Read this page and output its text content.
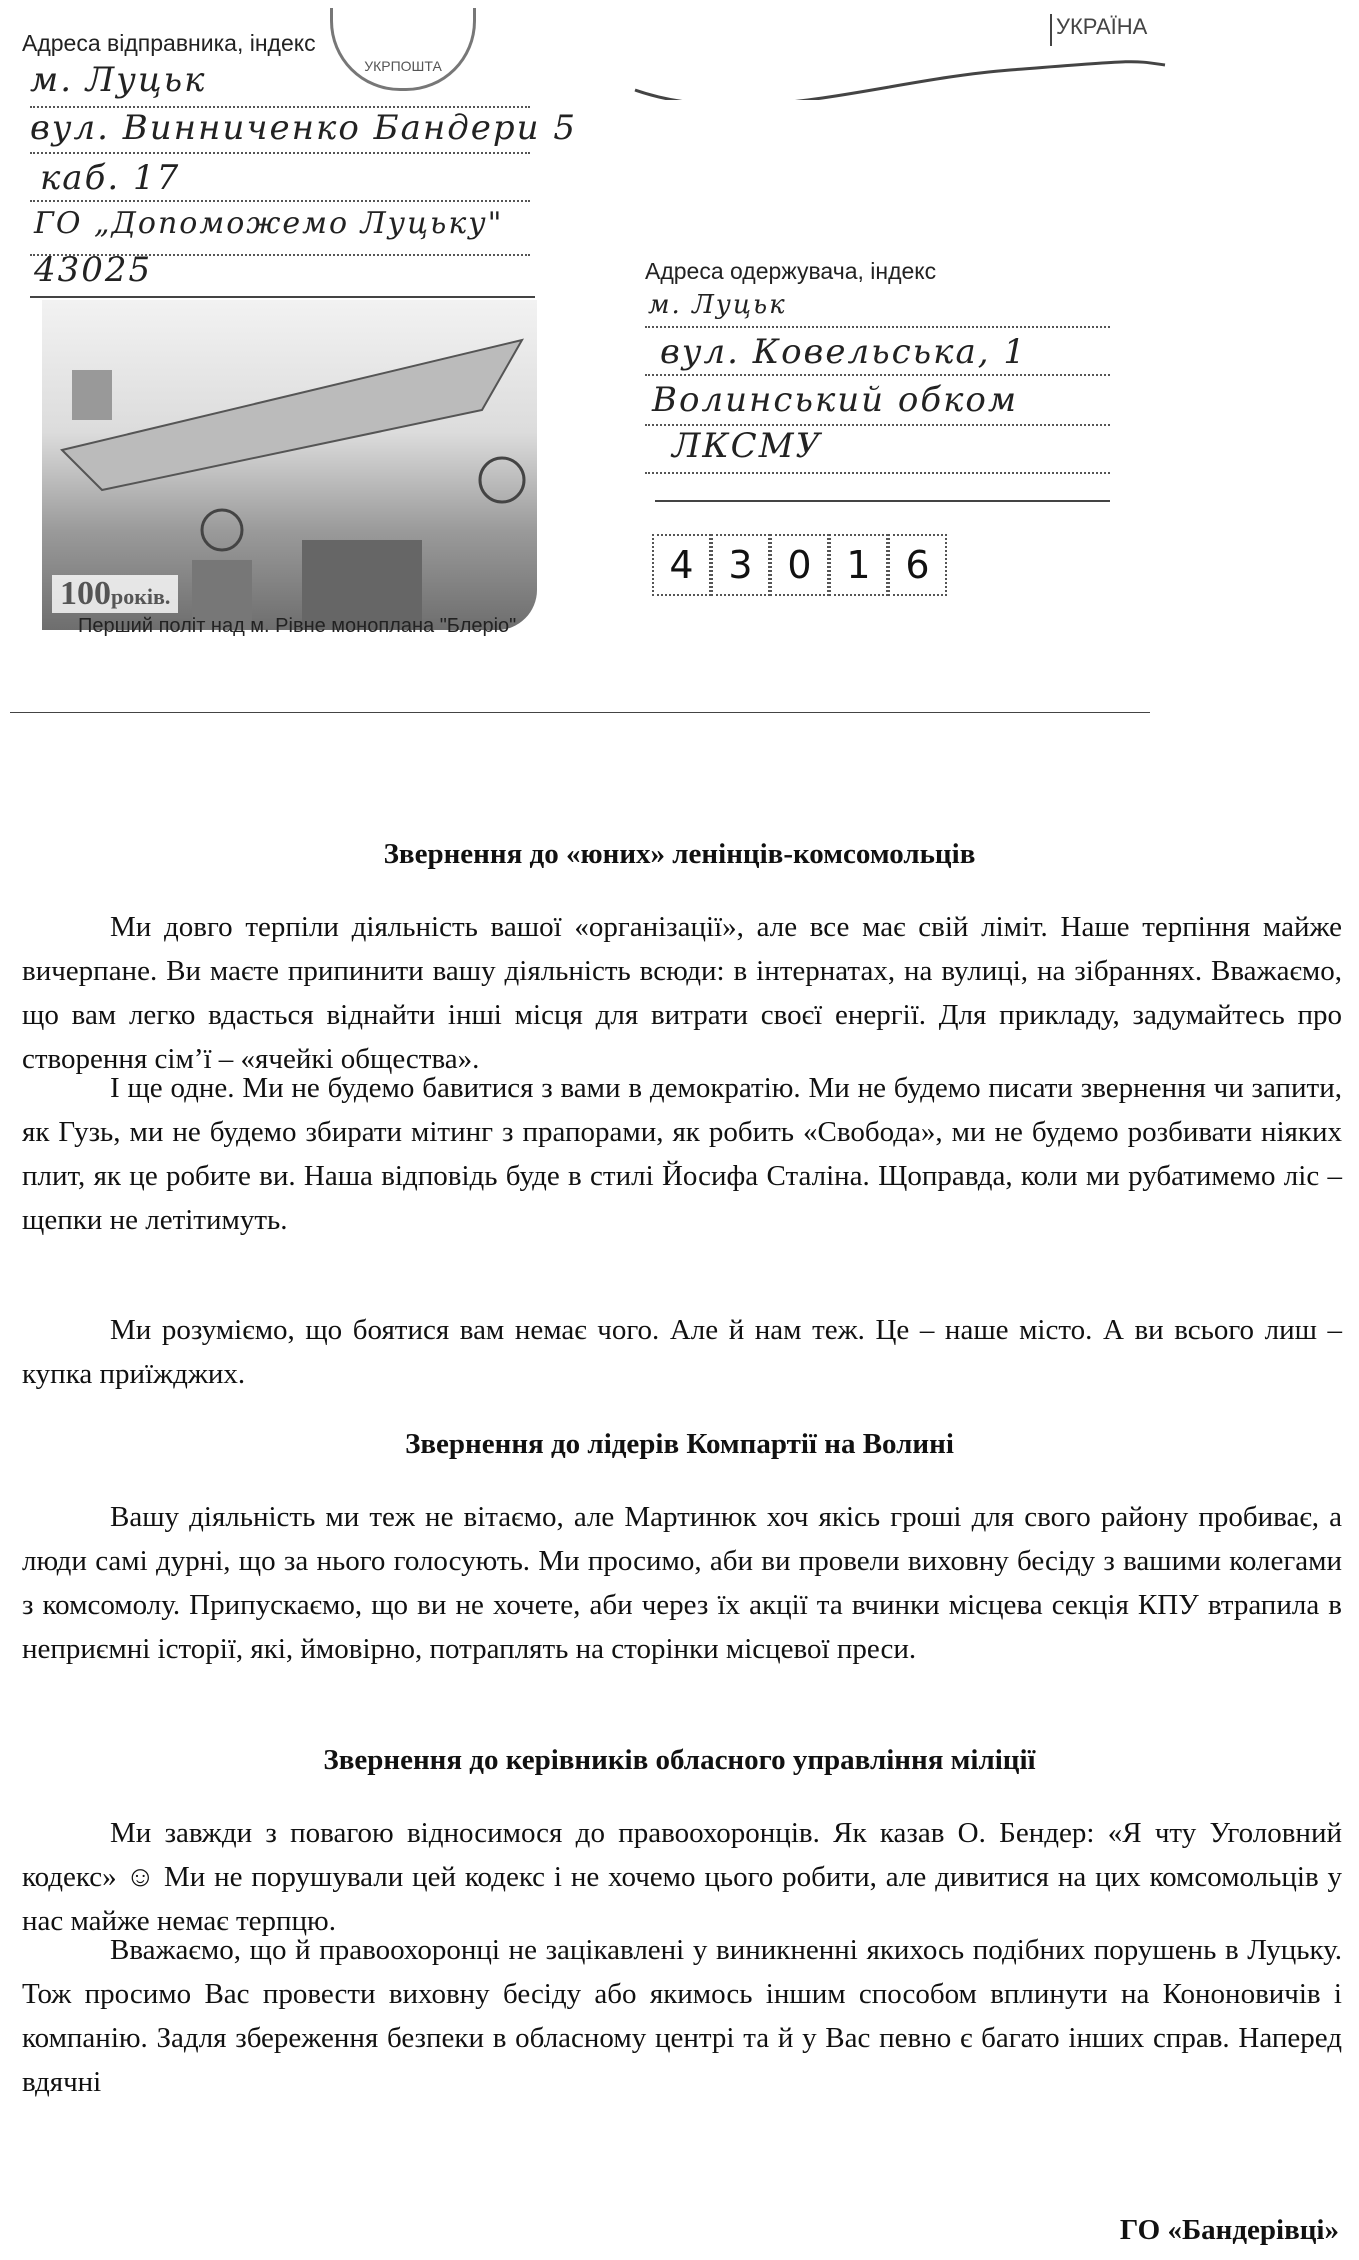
УКРПОШТА
УКРАЇНА
Адреса відправника, індекс
м. Луцьк
вул. Винниченко Бандери 5
каб. 17
ГО „Допоможемо Луцьку"
43025
100років.
Перший політ над м. Рівне моноплана "Блеріо"
Адреса одержувача, індекс
м. Луцьк
вул. Ковельська, 1
Волинський обком
ЛКСМУ
4 3 0 1 6
Звернення до «юних» ленінців-комсомольців

Ми довго терпіли діяльність вашої «організації», але все має свій ліміт. Наше терпіння майже вичерпане. Ви маєте припинити вашу діяльність всюди: в інтернатах, на вулиці, на зібраннях. Вважаємо, що вам легко вдасться віднайти інші місця для витрати своєї енергії. Для прикладу, задумайтесь про створення сім’ї – «ячейкі общества».

І ще одне. Ми не будемо бавитися з вами в демократію. Ми не будемо писати звернення чи запити, як Гузь, ми не будемо збирати мітинг з прапорами, як робить «Свобода», ми не будемо розбивати ніяких плит, як це робите ви. Наша відповідь буде в стилі Йосифа Сталіна. Щоправда, коли ми рубатимемо ліс – щепки не летітимуть.

Ми розуміємо, що боятися вам немає чого. Але й нам теж. Це – наше місто. А ви всього лиш – купка приїжджих.

Звернення до лідерів Компартії на Волині

Вашу діяльність ми теж не вітаємо, але Мартинюк хоч якісь гроші для свого району пробиває, а люди самі дурні, що за нього голосують. Ми просимо, аби ви провели виховну бесіду з вашими колегами з комсомолу. Припускаємо, що ви не хочете, аби через їх акції та вчинки місцева секція КПУ втрапила в неприємні історії, які, ймовірно, потраплять на сторінки місцевої преси.

Звернення до керівників обласного управління міліції

Ми завжди з повагою відносимося до правоохоронців. Як казав О. Бендер: «Я чту Уголовний кодекс» ☺ Ми не порушували цей кодекс і не хочемо цього робити, але дивитися на цих комсомольців у нас майже немає терпцю.

Вважаємо, що й правоохоронці не зацікавлені у виникненні якихось подібних порушень в Луцьку. Тож просимо Вас провести виховну бесіду або якимось іншим способом вплинути на Кононовичів і компанію. Задля збереження безпеки в обласному центрі та й у Вас певно є багато інших справ. Наперед вдячні

ГО «Бандерівці»
